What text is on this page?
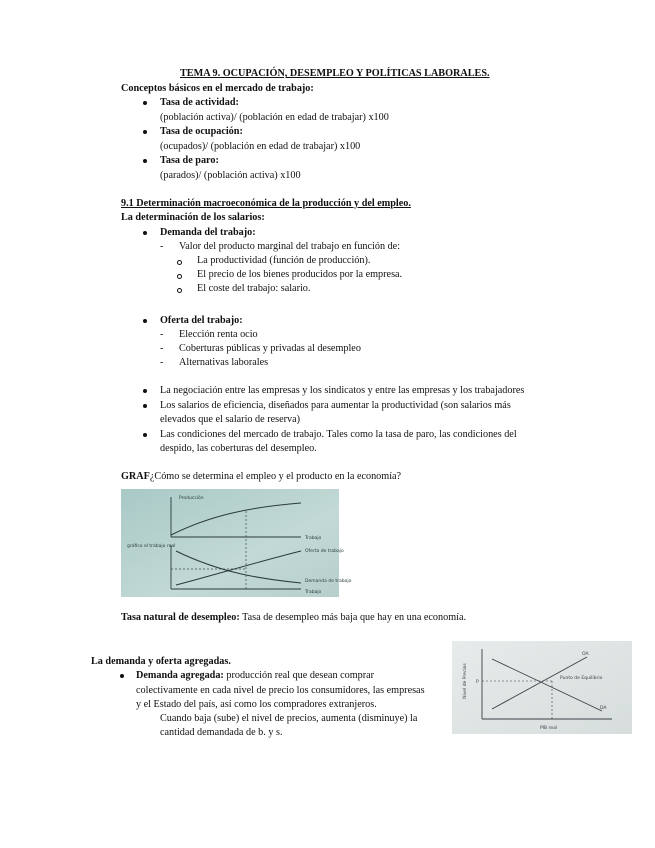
TEMA 9. OCUPACIÓN, DESEMPLEO Y POLÍTICAS LABORALES.
Conceptos básicos en el mercado de trabajo:
Tasa de actividad:
(población activa)/ (población en edad de trabajar) x100
Tasa de ocupación:
(ocupados)/ (población en edad de trabajar) x100
Tasa de paro:
(parados)/ (población activa) x100
9.1 Determinación macroeconómica de la producción y del empleo.
La determinación de los salarios:
Demanda del trabajo:
- Valor del producto marginal del trabajo en función de:
La productividad (función de producción).
El precio de los bienes producidos por la empresa.
El coste del trabajo: salario.
Oferta del trabajo:
- Elección renta ocio
- Coberturas públicas y privadas al desempleo
- Alternativas laborales
La negociación entre las empresas y los sindicatos y entre las empresas y los trabajadores
Los salarios de eficiencia, diseñados para aumentar la productividad (son salarios más
elevados que el salario de reserva)
Las condiciones del mercado de trabajo. Tales como la tasa de paro, las condiciones del
despido, las coberturas del desempleo.
GRAF¿Cómo se determina el empleo y el producto en la economía?
Producción
Trabajo
gráfico el trabajo real
Oferta de trabajo
Demanda de trabajo
Trabajo
Tasa natural de desempleo: Tasa de desempleo más baja que hay en una economía.
La demanda y oferta agregadas.
Demanda agregada: producción real que desean comprar
colectivamente en cada nivel de precio los consumidores, las empresas
y el Estado del país, así como los compradores extranjeros.
Cuando baja (sube) el nivel de precios, aumenta (disminuye) la
cantidad demandada de b. y s.
OA
DA
Punto de Equilibrio
P
PIB real
Nivel de Precios
